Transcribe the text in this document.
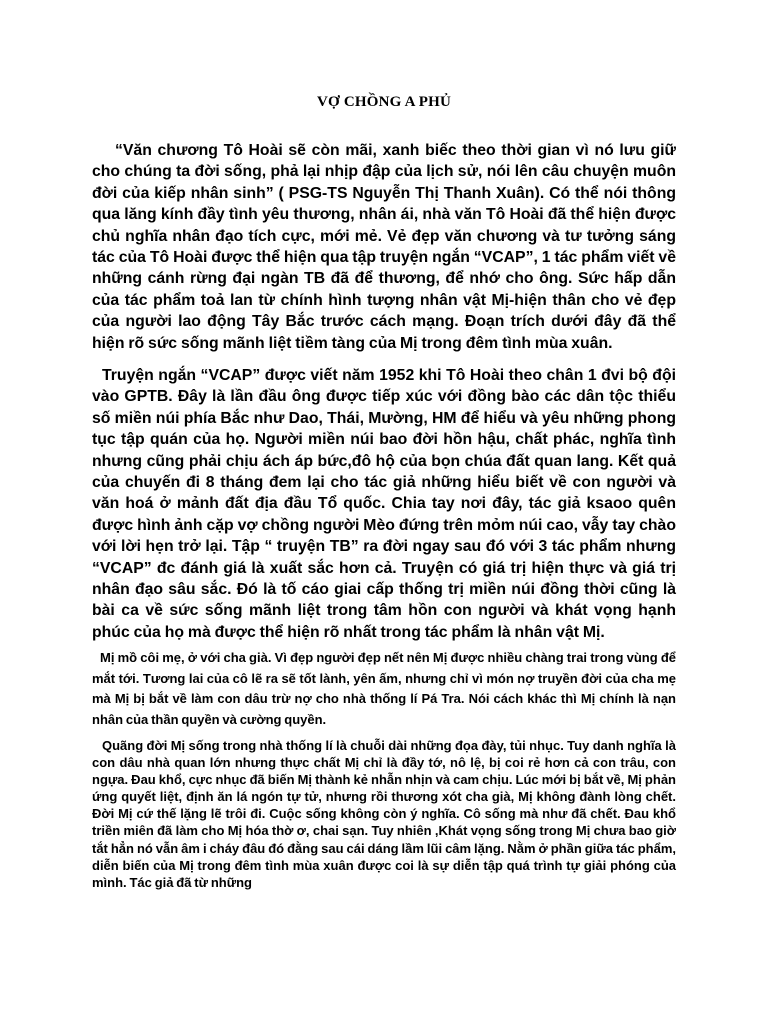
VỢ CHỒNG A PHỦ

“Văn chương Tô Hoài sẽ còn mãi, xanh biếc theo thời gian vì nó lưu giữ cho chúng ta đời sống, phả lại nhịp đập của lịch sử, nói lên câu chuyện muôn đời của kiếp nhân sinh” ( PSG-TS Nguyễn Thị Thanh Xuân). Có thể nói thông qua lăng kính đầy tình yêu thương, nhân ái, nhà văn Tô Hoài đã thể hiện được chủ nghĩa nhân đạo tích cực, mới mẻ. Vẻ đẹp văn chương và tư tưởng sáng tác của Tô Hoài được thể hiện qua tập truyện ngắn “VCAP”, 1 tác phẩm viết về những cánh rừng đại ngàn TB đã để thương, để nhớ cho ông. Sức hấp dẫn của tác phẩm toả lan từ chính hình tượng nhân vật Mị-hiện thân cho vẻ đẹp của người lao động Tây Bắc trước cách mạng. Đoạn trích dưới đây đã thể hiện rõ sức sống mãnh liệt tiềm tàng của Mị trong đêm tình mùa xuân.

Truyện ngắn “VCAP” được viết năm 1952 khi Tô Hoài theo chân 1 đvi bộ đội vào GPTB. Đây là lần đầu ông được tiếp xúc với đồng bào các dân tộc thiểu số miền núi phía Bắc như Dao, Thái, Mường, HM để hiểu và yêu những phong tục tập quán của họ. Người miền núi bao đời hồn hậu, chất phác, nghĩa tình nhưng cũng phải chịu ách áp bức,đô hộ của bọn chúa đất quan lang. Kết quả của chuyến đi 8 tháng đem lại cho tác giả những hiểu biết về con người và văn hoá ở mảnh đất địa đầu Tổ quốc. Chia tay nơi đây, tác giả ksaoo quên được hình ảnh cặp vợ chồng người Mèo đứng trên mỏm núi cao, vẫy tay chào với lời hẹn trở lại. Tập “ truyện TB” ra đời ngay sau đó với 3 tác phẩm nhưng “VCAP” đc đánh giá là xuất sắc hơn cả. Truyện có giá trị hiện thực và giá trị nhân đạo sâu sắc. Đó là tố cáo giai cấp thống trị miền núi đồng thời cũng là bài ca về sức sống mãnh liệt trong tâm hồn con người và khát vọng hạnh phúc của họ mà được thể hiện rõ nhất trong tác phẩm là nhân vật Mị.

Mị mồ côi mẹ, ở với cha già. Vì đẹp người đẹp nết nên Mị được nhiều chàng trai trong vùng để mắt tới. Tương lai của cô lẽ ra sẽ tốt lành, yên ấm, nhưng chỉ vì món nợ truyền đời của cha mẹ mà Mị bị bắt về làm con dâu trừ nợ cho nhà thống lí Pá Tra. Nói cách khác thì Mị chính là nạn nhân của thần quyền và cường quyền.

Quãng đời Mị sống trong nhà thống lí là chuỗi dài những đọa đày, tủi nhục. Tuy danh nghĩa là con dâu nhà quan lớn nhưng thực chất Mị chỉ là đầy tớ, nô lệ, bị coi rẻ hơn cả con trâu, con ngựa. Đau khổ, cực nhục đã biến Mị thành kẻ nhẫn nhịn và cam chịu. Lúc mới bị bắt về, Mị phản ứng quyết liệt, định ăn lá ngón tự tử, nhưng rồi thương xót cha già, Mị không đành lòng chết. Đời Mị cứ thế lặng lẽ trôi đi. Cuộc sống không còn ý nghĩa. Cô sống mà như đã chết. Đau khổ triền miên đã làm cho Mị hóa thờ ơ, chai sạn. Tuy nhiên ,Khát vọng sống trong Mị chưa bao giờ tắt hẳn nó vẫn âm i cháy đâu đó đằng sau cái dáng lầm lũi câm lặng. Nằm ở phần giữa tác phẩm, diễn biến của Mị trong đêm tình mùa xuân được coi là sự diễn tập quá trình tự giải phóng của mình. Tác giả đã từ những
